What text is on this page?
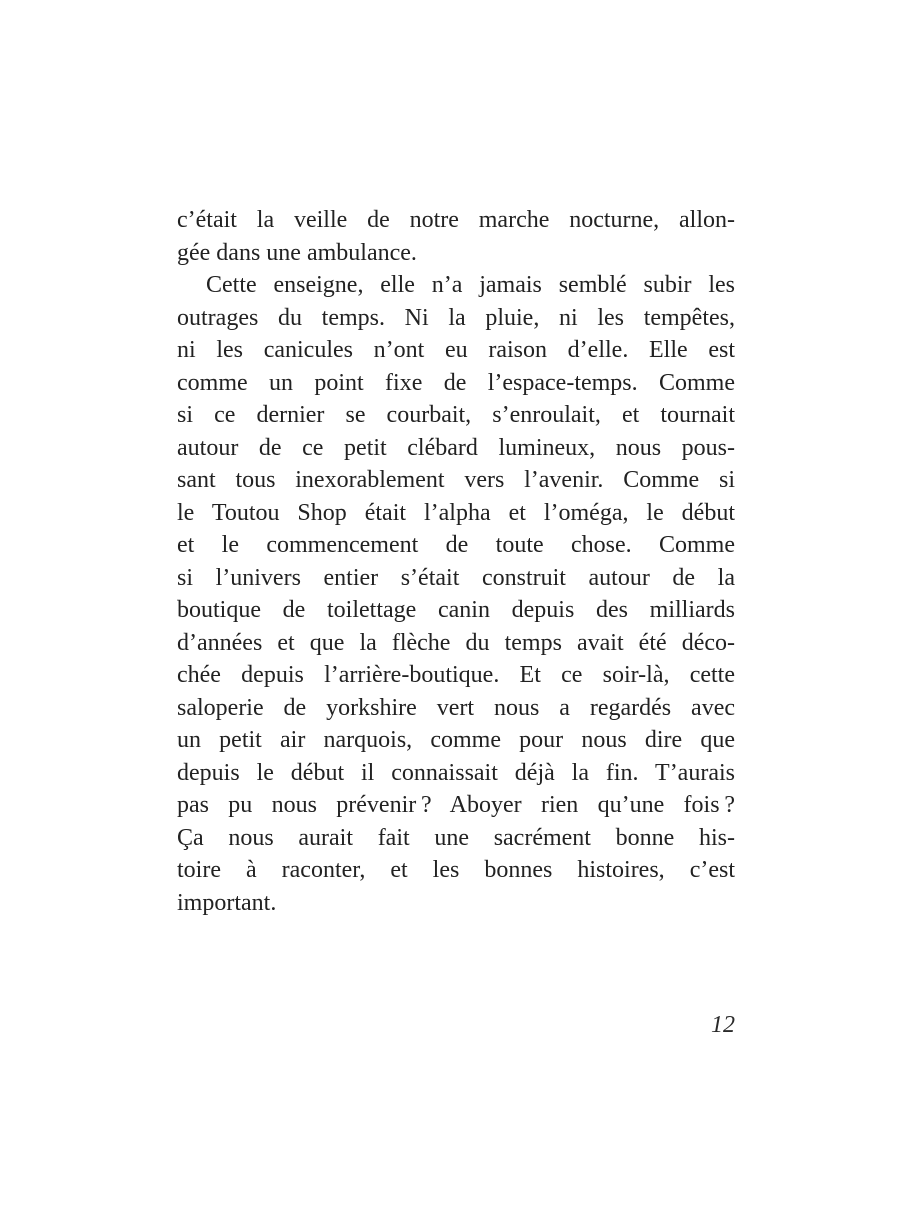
c’était la veille de notre marche nocturne, allon-
gée dans une ambulance.
Cette enseigne, elle n’a jamais semblé subir les
outrages du temps. Ni la pluie, ni les tempêtes,
ni les canicules n’ont eu raison d’elle. Elle est
comme un point fixe de l’espace-temps. Comme
si ce dernier se courbait, s’enroulait, et tournait
autour de ce petit clébard lumineux, nous pous-
sant tous inexorablement vers l’avenir. Comme si
le Toutou Shop était l’alpha et l’oméga, le début
et le commencement de toute chose. Comme
si l’univers entier s’était construit autour de la
boutique de toilettage canin depuis des milliards
d’années et que la flèche du temps avait été déco-
chée depuis l’arrière-boutique. Et ce soir-là, cette
saloperie de yorkshire vert nous a regardés avec
un petit air narquois, comme pour nous dire que
depuis le début il connaissait déjà la fin. T’aurais
pas pu nous prévenir ? Aboyer rien qu’une fois ?
Ça nous aurait fait une sacrément bonne his-
toire à raconter, et les bonnes histoires, c’est
important.
12
